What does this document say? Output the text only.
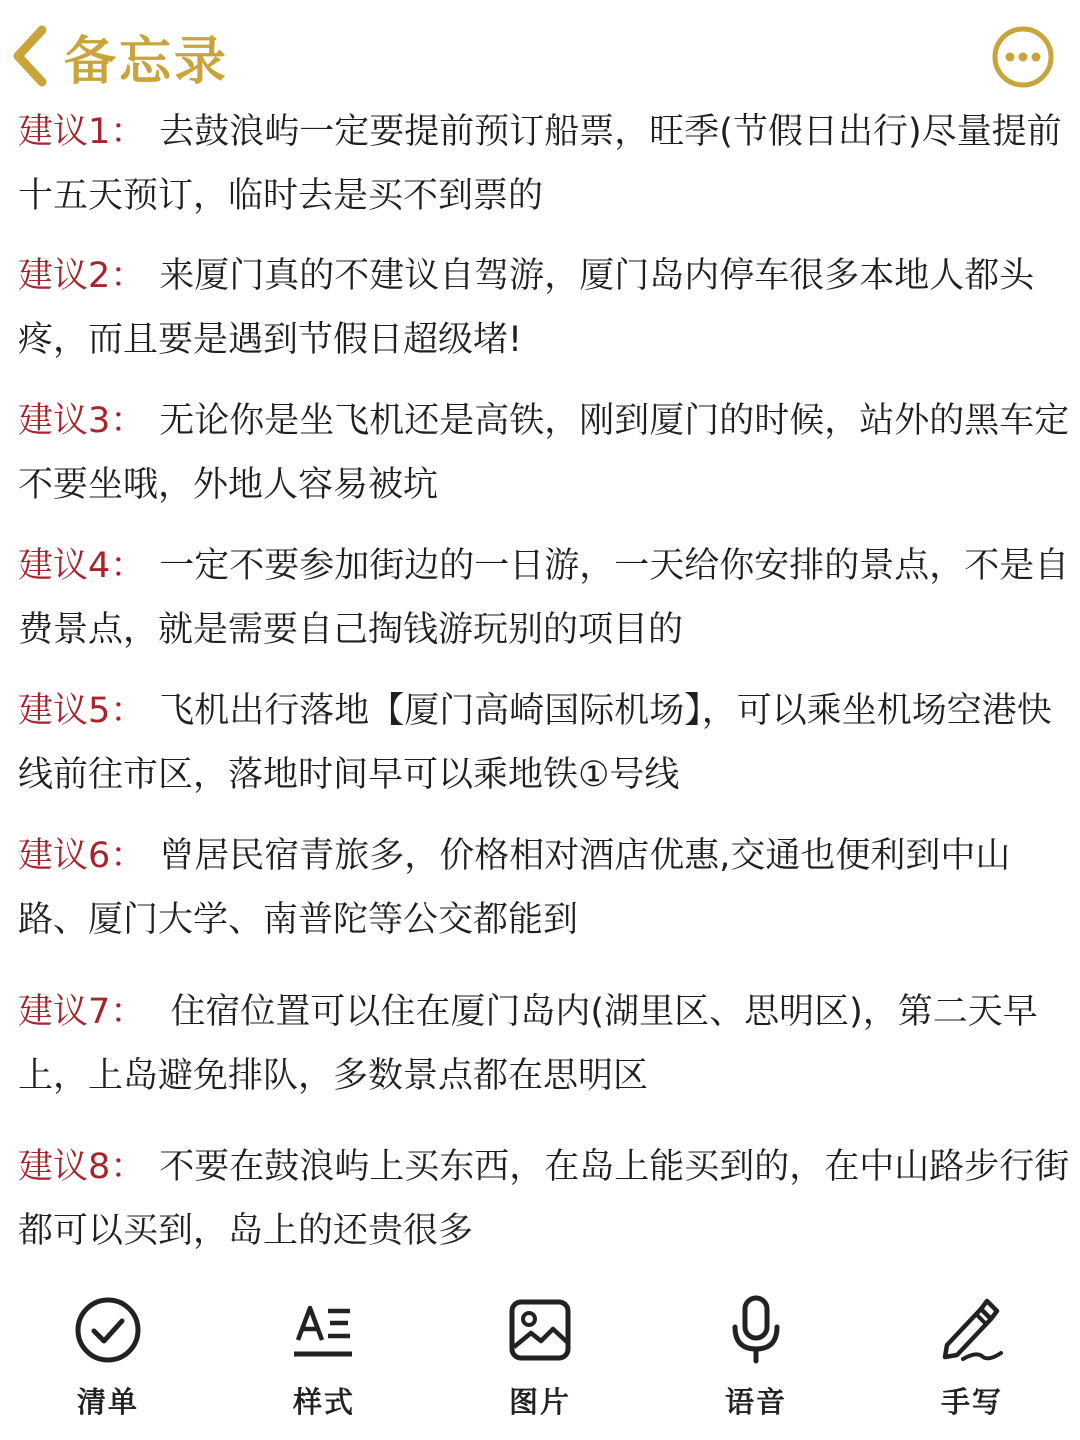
备忘录
建议1： 去鼓浪屿一定要提前预订船票，旺季(节假日出行)尽量提前十五天预订，临时去是买不到票的
建议2： 来厦门真的不建议自驾游，厦门岛内停车很多本地人都头疼，而且要是遇到节假日超级堵!
建议3： 无论你是坐飞机还是高铁，刚到厦门的时候，站外的黑车定不要坐哦，外地人容易被坑
建议4： 一定不要参加街边的一日游，一天给你安排的景点，不是自费景点，就是需要自己掏钱游玩别的项目的
建议5： 飞机出行落地【厦门高崎国际机场】，可以乘坐机场空港快线前往市区，落地时间早可以乘地铁①号线
建议6： 曾居民宿青旅多，价格相对酒店优惠,交通也便利到中山路、厦门大学、南普陀等公交都能到
建议7： 住宿位置可以住在厦门岛内(湖里区、思明区)，第二天早上，上岛避免排队，多数景点都在思明区
建议8： 不要在鼓浪屿上买东西，在岛上能买到的，在中山路步行街都可以买到，岛上的还贵很多
清单	样式	图片	语音	手写
